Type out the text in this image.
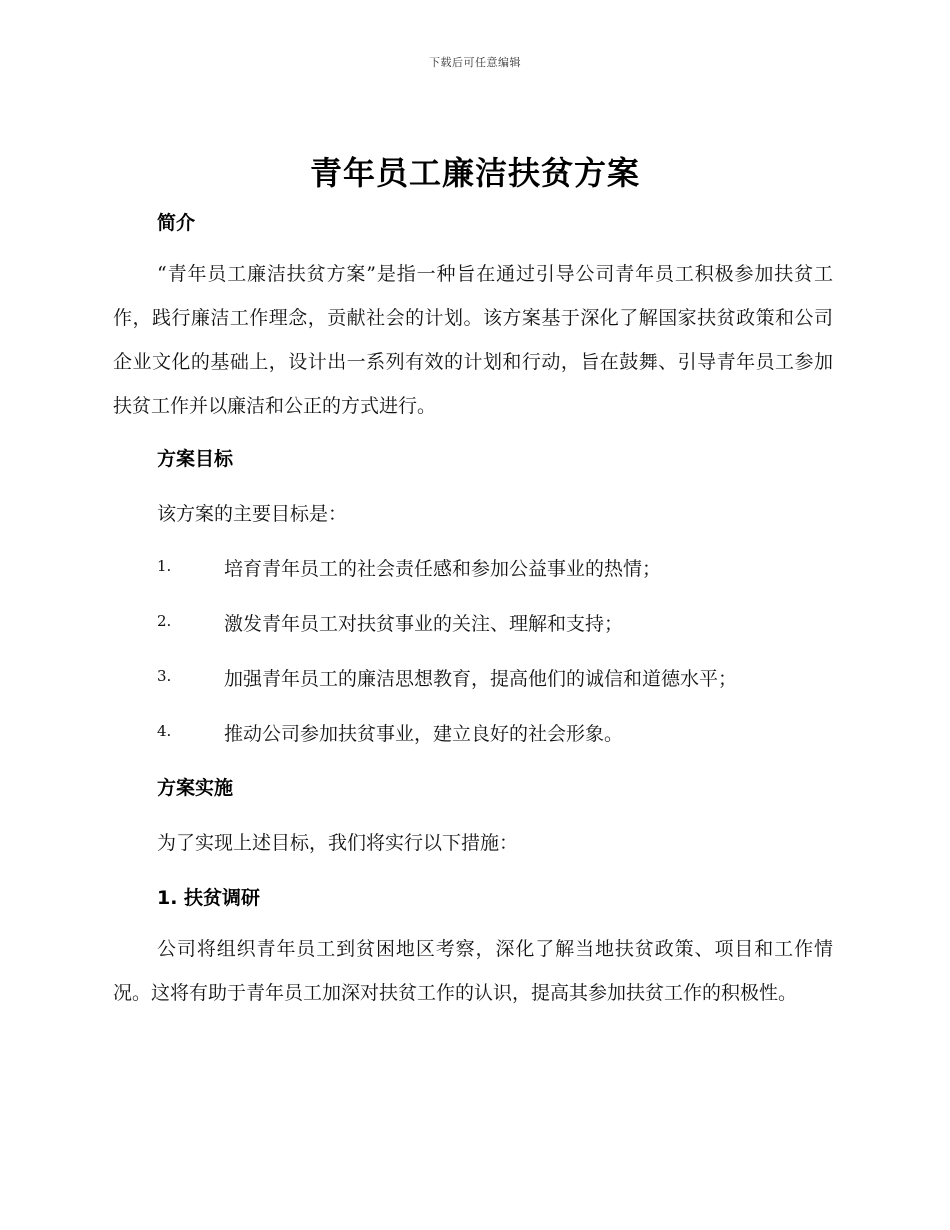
下载后可任意编辑
青年员工廉洁扶贫方案
简介
“青年员工廉洁扶贫方案”是指一种旨在通过引导公司青年员工积极参加扶贫工作，践行廉洁工作理念，贡献社会的计划。该方案基于深化了解国家扶贫政策和公司企业文化的基础上，设计出一系列有效的计划和行动，旨在鼓舞、引导青年员工参加扶贫工作并以廉洁和公正的方式进行。
方案目标
该方案的主要目标是：
1.	培育青年员工的社会责任感和参加公益事业的热情；
2.	激发青年员工对扶贫事业的关注、理解和支持；
3.	加强青年员工的廉洁思想教育，提高他们的诚信和道德水平；
4.	推动公司参加扶贫事业，建立良好的社会形象。
方案实施
为了实现上述目标，我们将实行以下措施：
1. 扶贫调研
公司将组织青年员工到贫困地区考察，深化了解当地扶贫政策、项目和工作情况。这将有助于青年员工加深对扶贫工作的认识，提高其参加扶贫工作的积极性。
